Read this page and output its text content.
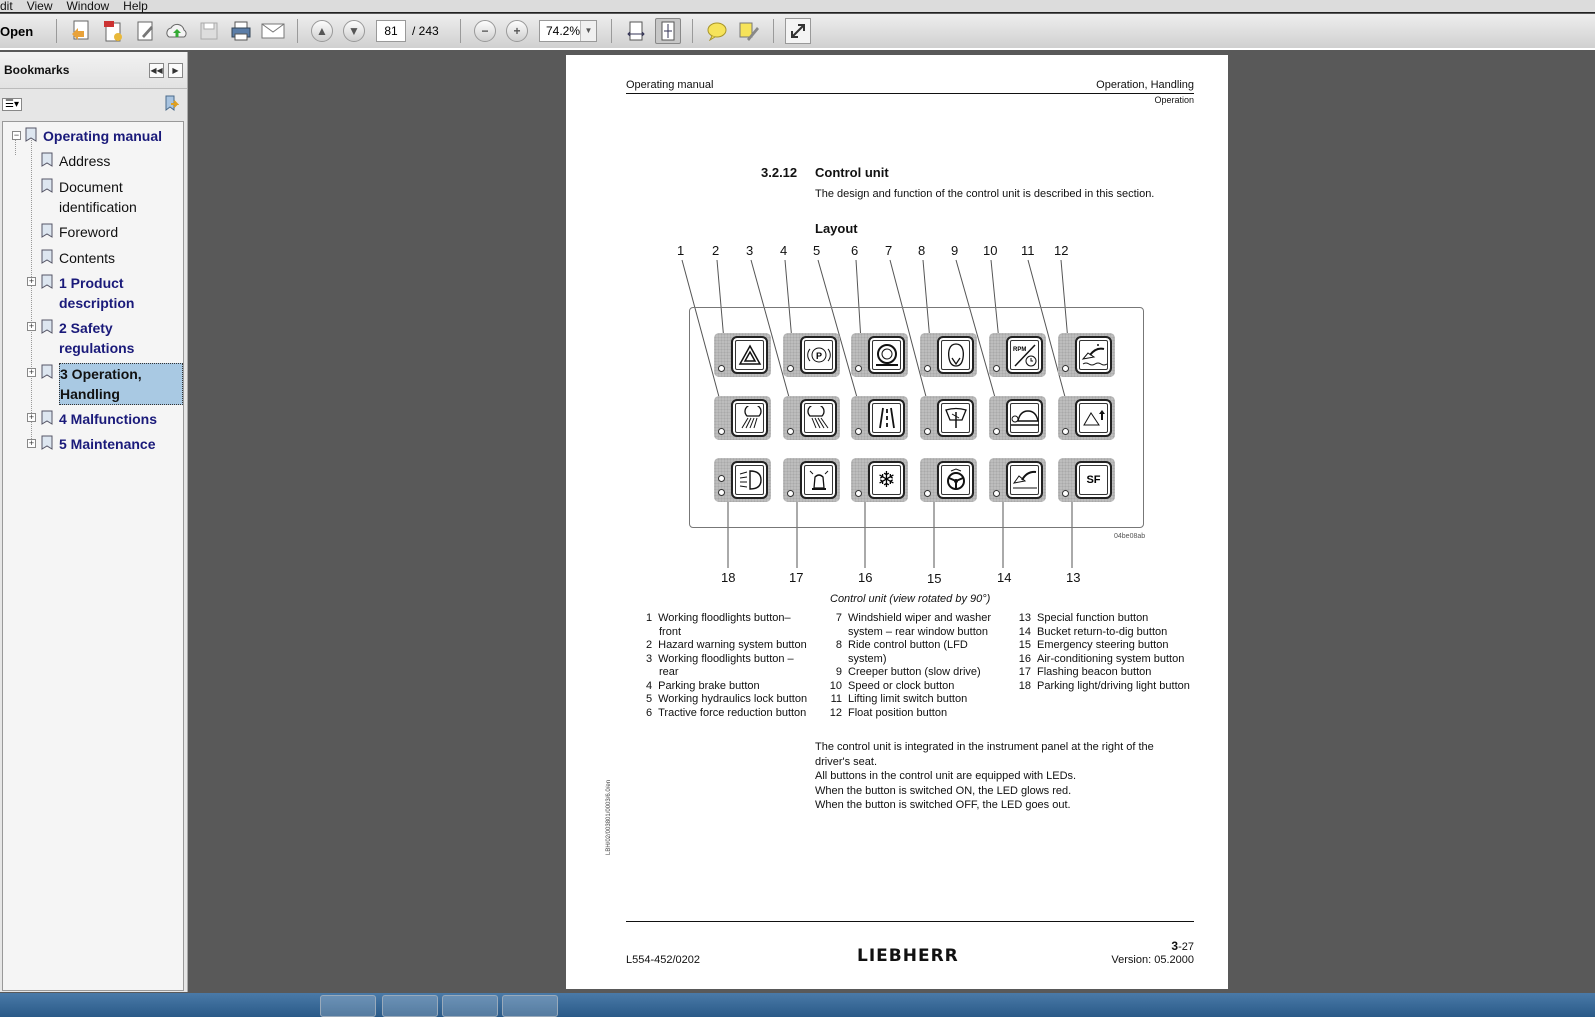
dit View Window Help
Open	▲	▼	81	/ 243	−	+	74.2% ▼
Bookmarks	◀◀	▶
☰▾
− Operating manual
Address
Document
identification
Foreword
Contents
+ 1 Product
description
+ 2 Safety
regulations
+ 3 Operation,
Handling
+ 4 Malfunctions
+ 5 Maintenance
Operating manual	Operation, Handling
Operation
3.2.12 Control unit
The design and function of the control unit is described in this section.
Layout
1 2 3 4 5 6 7 8 9 10 11 12
P
RPM
❄	SF
04be08ab
18	17	16	15	14	13
Control unit (view rotated by 90°)
1 Working floodlights button–
front
2 Hazard warning system button
3 Working floodlights button –
rear
4 Parking brake button
5 Working hydraulics lock button
6 Tractive force reduction button
7 Windshield wiper and washer
system – rear window button
8 Ride control button (LFD
system)
9 Creeper button (slow drive)
10 Speed or clock button
11 Lifting limit switch button
12 Float position button
13 Special function button
14 Bucket return-to-dig button
15 Emergency steering button
16 Air-conditioning system button
17 Flashing beacon button
18 Parking light/driving light button
The control unit is integrated in the instrument panel at the right of the
driver's seat.
All buttons in the control unit are equipped with LEDs.
When the button is switched ON, the LED glows red.
When the button is switched OFF, the LED goes out.
LBH/02/003801/0003/6.0/en
L554-452/0202	LIEBHERR	3-27
Version: 05.2000
